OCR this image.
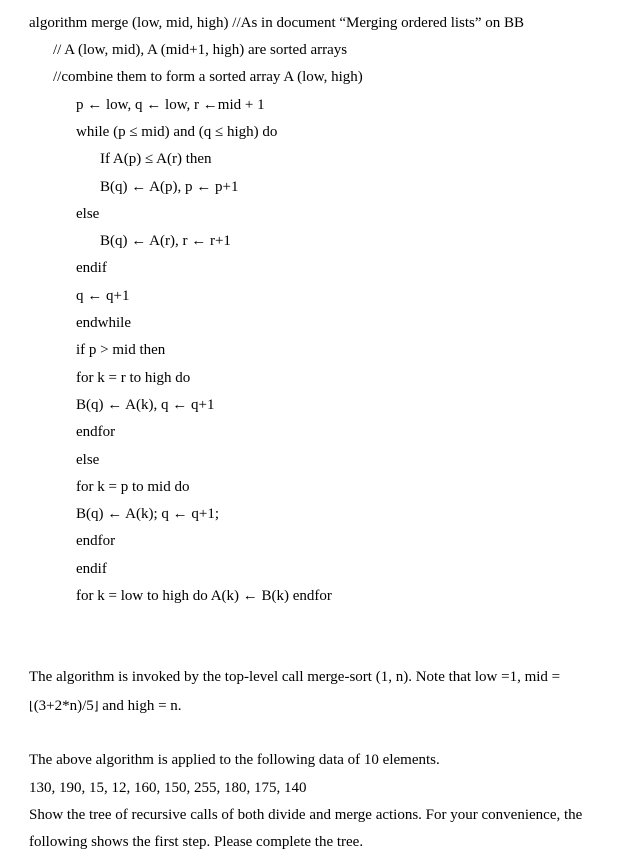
algorithm merge (low, mid, high) //As in document “Merging ordered lists” on BB
// A (low, mid), A (mid+1, high) are sorted arrays
//combine them to form a sorted array A (low, high)
p ← low, q ← low, r ←mid + 1
while (p ≤ mid) and (q ≤ high) do
If A(p) ≤ A(r) then
B(q) ← A(p), p ← p+1
else
B(q) ← A(r), r ← r+1
endif
q ← q+1
endwhile
if p > mid then
for k = r to high do
B(q) ← A(k), q ← q+1
endfor
else
for k = p to mid do
B(q) ← A(k); q ← q+1;
endfor
endif
for k = low to high do A(k) ← B(k) endfor
The algorithm is invoked by the top-level call merge-sort (1, n). Note that low =1, mid =
⌊(3+2*n)/5⌋ and high = n.
The above algorithm is applied to the following data of 10 elements.
130, 190, 15, 12, 160, 150, 255, 180, 175, 140
Show the tree of recursive calls of both divide and merge actions. For your convenience, the
following shows the first step. Please complete the tree.
